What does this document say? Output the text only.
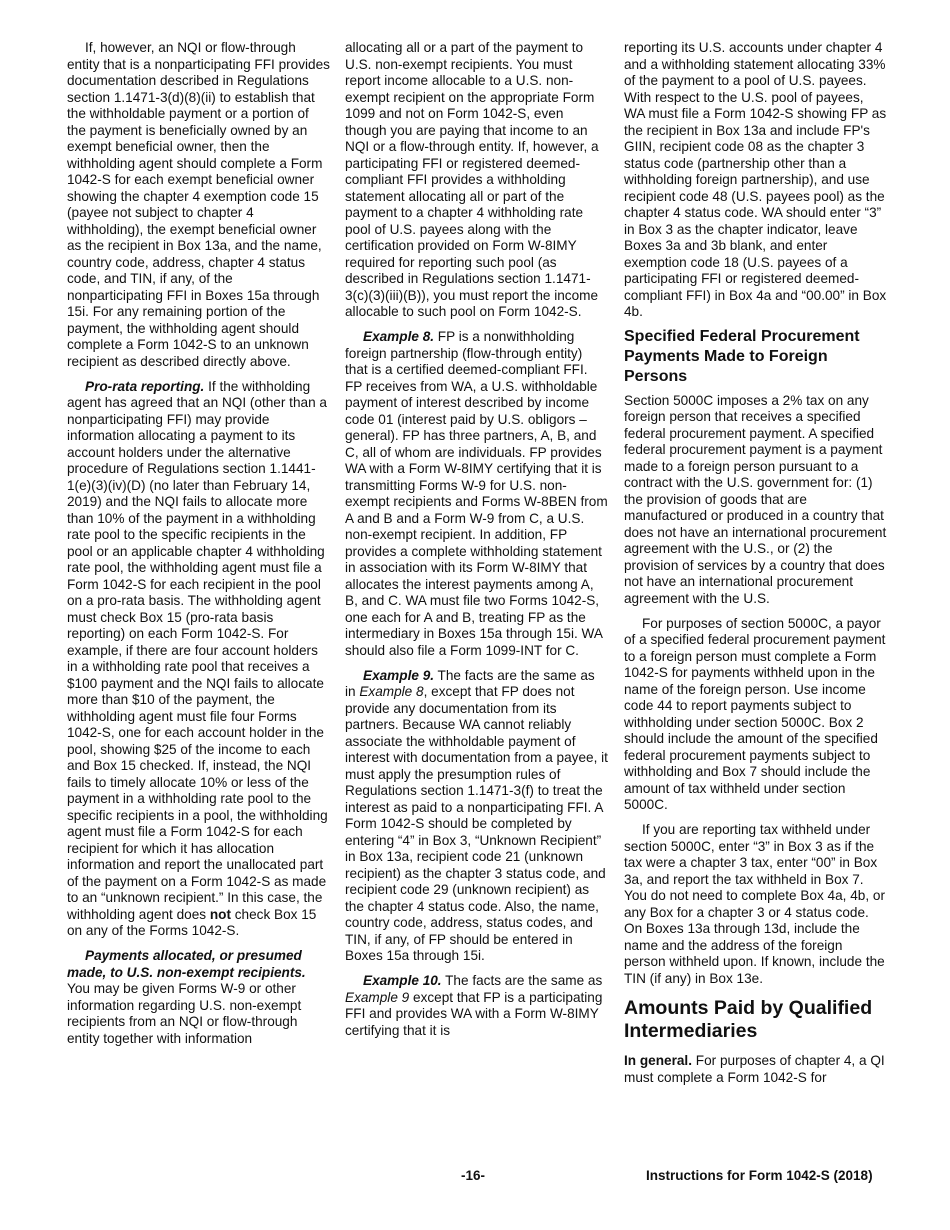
If, however, an NQI or flow-through entity that is a nonparticipating FFI provides documentation described in Regulations section 1.1471-3(d)(8)(ii) to establish that the withholdable payment or a portion of the payment is beneficially owned by an exempt beneficial owner, then the withholding agent should complete a Form 1042-S for each exempt beneficial owner showing the chapter 4 exemption code 15 (payee not subject to chapter 4 withholding), the exempt beneficial owner as the recipient in Box 13a, and the name, country code, address, chapter 4 status code, and TIN, if any, of the nonparticipating FFI in Boxes 15a through 15i. For any remaining portion of the payment, the withholding agent should complete a Form 1042-S to an unknown recipient as described directly above.

Pro-rata reporting. If the withholding agent has agreed that an NQI (other than a nonparticipating FFI) may provide information allocating a payment to its account holders under the alternative procedure of Regulations section 1.1441-1(e)(3)(iv)(D) (no later than February 14, 2019) and the NQI fails to allocate more than 10% of the payment in a withholding rate pool to the specific recipients in the pool or an applicable chapter 4 withholding rate pool, the withholding agent must file a Form 1042-S for each recipient in the pool on a pro-rata basis. The withholding agent must check Box 15 (pro-rata basis reporting) on each Form 1042-S. For example, if there are four account holders in a withholding rate pool that receives a $100 payment and the NQI fails to allocate more than $10 of the payment, the withholding agent must file four Forms 1042-S, one for each account holder in the pool, showing $25 of the income to each and Box 15 checked. If, instead, the NQI fails to timely allocate 10% or less of the payment in a withholding rate pool to the specific recipients in a pool, the withholding agent must file a Form 1042-S for each recipient for which it has allocation information and report the unallocated part of the payment on a Form 1042-S as made to an “unknown recipient.” In this case, the withholding agent does not check Box 15 on any of the Forms 1042-S.

Payments allocated, or presumed made, to U.S. non-exempt recipients. You may be given Forms W-9 or other information regarding U.S. non-exempt recipients from an NQI or flow-through entity together with information

allocating all or a part of the payment to U.S. non-exempt recipients. You must report income allocable to a U.S. non-exempt recipient on the appropriate Form 1099 and not on Form 1042-S, even though you are paying that income to an NQI or a flow-through entity. If, however, a participating FFI or registered deemed-compliant FFI provides a withholding statement allocating all or part of the payment to a chapter 4 withholding rate pool of U.S. payees along with the certification provided on Form W-8IMY required for reporting such pool (as described in Regulations section 1.1471-3(c)(3)(iii)(B)), you must report the income allocable to such pool on Form 1042-S.

Example 8. FP is a nonwithholding foreign partnership (flow-through entity) that is a certified deemed-compliant FFI. FP receives from WA, a U.S. withholdable payment of interest described by income code 01 (interest paid by U.S. obligors – general). FP has three partners, A, B, and C, all of whom are individuals. FP provides WA with a Form W-8IMY certifying that it is transmitting Forms W-9 for U.S. non-exempt recipients and Forms W-8BEN from A and B and a Form W-9 from C, a U.S. non-exempt recipient. In addition, FP provides a complete withholding statement in association with its Form W-8IMY that allocates the interest payments among A, B, and C. WA must file two Forms 1042-S, one each for A and B, treating FP as the intermediary in Boxes 15a through 15i. WA should also file a Form 1099-INT for C.

Example 9. The facts are the same as in Example 8, except that FP does not provide any documentation from its partners. Because WA cannot reliably associate the withholdable payment of interest with documentation from a payee, it must apply the presumption rules of Regulations section 1.1471-3(f) to treat the interest as paid to a nonparticipating FFI. A Form 1042-S should be completed by entering “4” in Box 3, “Unknown Recipient” in Box 13a, recipient code 21 (unknown recipient) as the chapter 3 status code, and recipient code 29 (unknown recipient) as the chapter 4 status code. Also, the name, country code, address, status codes, and TIN, if any, of FP should be entered in Boxes 15a through 15i.

Example 10. The facts are the same as Example 9 except that FP is a participating FFI and provides WA with a Form W-8IMY certifying that it is

reporting its U.S. accounts under chapter 4 and a withholding statement allocating 33% of the payment to a pool of U.S. payees. With respect to the U.S. pool of payees, WA must file a Form 1042-S showing FP as the recipient in Box 13a and include FP's GIIN, recipient code 08 as the chapter 3 status code (partnership other than a withholding foreign partnership), and use recipient code 48 (U.S. payees pool) as the chapter 4 status code. WA should enter “3” in Box 3 as the chapter indicator, leave Boxes 3a and 3b blank, and enter exemption code 18 (U.S. payees of a participating FFI or registered deemed-compliant FFI) in Box 4a and “00.00” in Box 4b.

Specified Federal Procurement Payments Made to Foreign Persons

Section 5000C imposes a 2% tax on any foreign person that receives a specified federal procurement payment. A specified federal procurement payment is a payment made to a foreign person pursuant to a contract with the U.S. government for: (1) the provision of goods that are manufactured or produced in a country that does not have an international procurement agreement with the U.S., or (2) the provision of services by a country that does not have an international procurement agreement with the U.S.

For purposes of section 5000C, a payor of a specified federal procurement payment to a foreign person must complete a Form 1042-S for payments withheld upon in the name of the foreign person. Use income code 44 to report payments subject to withholding under section 5000C. Box 2 should include the amount of the specified federal procurement payments subject to withholding and Box 7 should include the amount of tax withheld under section 5000C.

If you are reporting tax withheld under section 5000C, enter “3” in Box 3 as if the tax were a chapter 3 tax, enter “00” in Box 3a, and report the tax withheld in Box 7. You do not need to complete Box 4a, 4b, or any Box for a chapter 3 or 4 status code. On Boxes 13a through 13d, include the name and the address of the foreign person withheld upon. If known, include the TIN (if any) in Box 13e.

Amounts Paid by Qualified Intermediaries

In general. For purposes of chapter 4, a QI must complete a Form 1042-S for

-16-	Instructions for Form 1042-S (2018)
